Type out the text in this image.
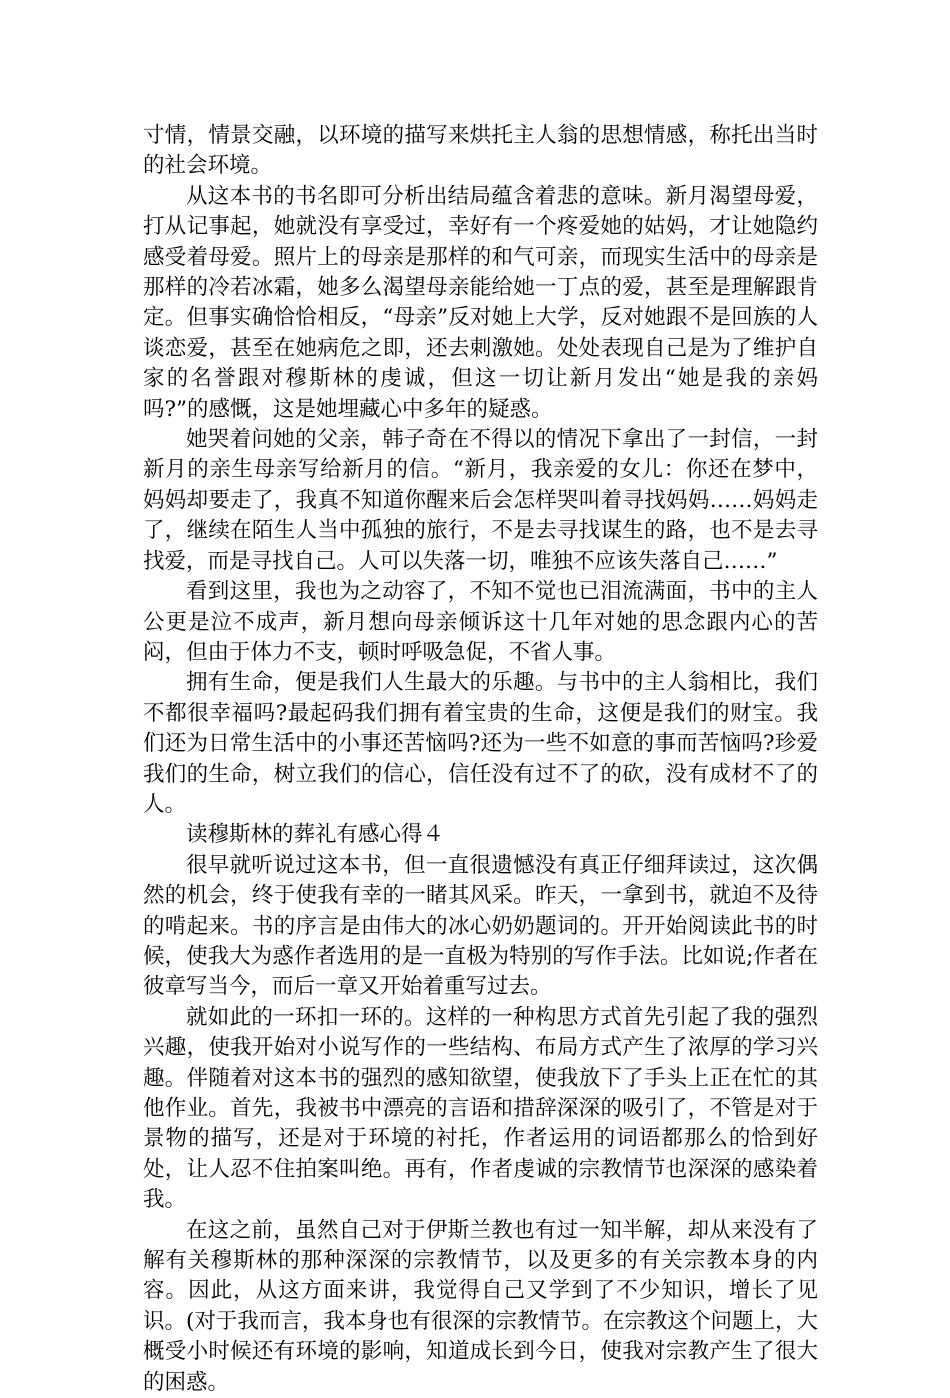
寸情，情景交融，以环境的描写来烘托主人翁的思想情感，称托出当时的社会环境。

从这本书的书名即可分析出结局蕴含着悲的意味。新月渴望母爱，打从记事起，她就没有享受过，幸好有一个疼爱她的姑妈，才让她隐约感受着母爱。照片上的母亲是那样的和气可亲，而现实生活中的母亲是那样的冷若冰霜，她多么渴望母亲能给她一丁点的爱，甚至是理解跟肯定。但事实确恰恰相反，“母亲”反对她上大学，反对她跟不是回族的人谈恋爱，甚至在她病危之即，还去刺激她。处处表现自己是为了维护自家的名誉跟对穆斯林的虔诚，但这一切让新月发出“她是我的亲妈吗?”的感慨，这是她埋藏心中多年的疑惑。

她哭着问她的父亲，韩子奇在不得以的情况下拿出了一封信，一封新月的亲生母亲写给新月的信。“新月，我亲爱的女儿：你还在梦中，妈妈却要走了，我真不知道你醒来后会怎样哭叫着寻找妈妈……妈妈走了，继续在陌生人当中孤独的旅行，不是去寻找谋生的路，也不是去寻找爱，而是寻找自己。人可以失落一切，唯独不应该失落自己……”

看到这里，我也为之动容了，不知不觉也已泪流满面，书中的主人公更是泣不成声，新月想向母亲倾诉这十几年对她的思念跟内心的苦闷，但由于体力不支，顿时呼吸急促，不省人事。

拥有生命，便是我们人生最大的乐趣。与书中的主人翁相比，我们不都很幸福吗?最起码我们拥有着宝贵的生命，这便是我们的财宝。我们还为日常生活中的小事还苦恼吗?还为一些不如意的事而苦恼吗?珍爱我们的生命，树立我们的信心，信任没有过不了的砍，没有成材不了的人。

读穆斯林的葬礼有感心得４

很早就听说过这本书，但一直很遗憾没有真正仔细拜读过，这次偶然的机会，终于使我有幸的一睹其风采。昨天，一拿到书，就迫不及待的啃起来。书的序言是由伟大的冰心奶奶题词的。开开始阅读此书的时候，使我大为惑作者选用的是一直极为特别的写作手法。比如说;作者在彼章写当今，而后一章又开始着重写过去。

就如此的一环扣一环的。这样的一种构思方式首先引起了我的强烈兴趣，使我开始对小说写作的一些结构、布局方式产生了浓厚的学习兴趣。伴随着对这本书的强烈的感知欲望，使我放下了手头上正在忙的其他作业。首先，我被书中漂亮的言语和措辞深深的吸引了，不管是对于景物的描写，还是对于环境的衬托，作者运用的词语都那么的恰到好处，让人忍不住拍案叫绝。再有，作者虔诚的宗教情节也深深的感染着我。

在这之前，虽然自己对于伊斯兰教也有过一知半解，却从来没有了解有关穆斯林的那种深深的宗教情节，以及更多的有关宗教本身的内容。因此，从这方面来讲，我觉得自己又学到了不少知识，增长了见识。(对于我而言，我本身也有很深的宗教情节。在宗教这个问题上，大概受小时候还有环境的影响，知道成长到今日，使我对宗教产生了很大的困惑。
